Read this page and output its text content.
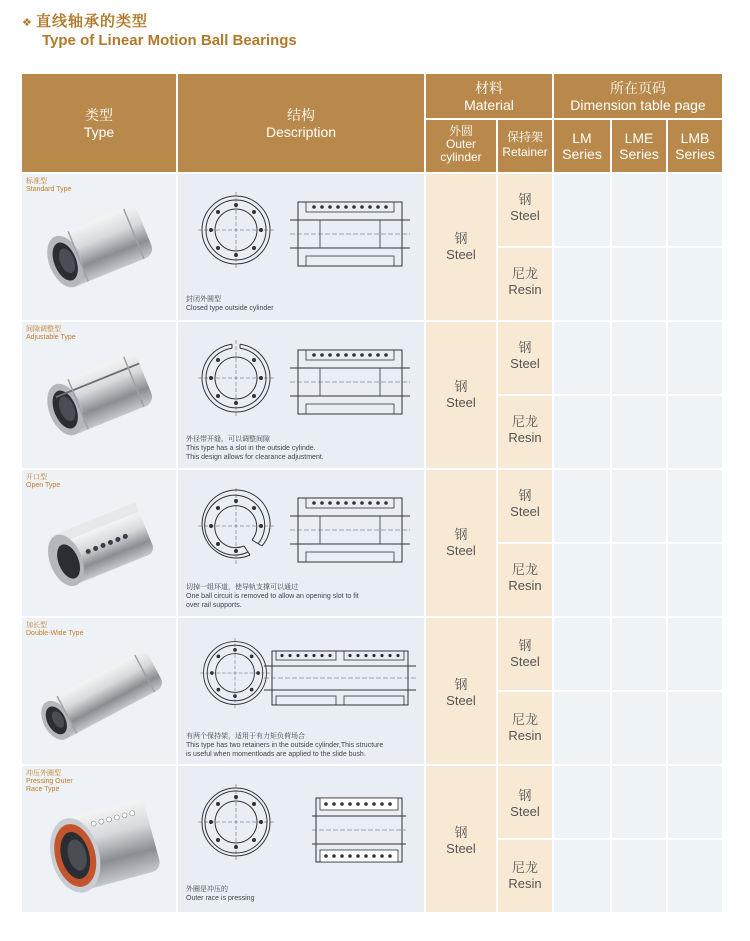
❖ 直线轴承的类型
Type of Linear Motion Ball Bearings
类型
Type
结构
Description
材料
Material
外圆
Outer
cylinder
保持架
Retainer
所在页码
Dimension table page
LM
Series
LME
Series
LMB
Series
标准型
Standard Type
封闭外圆型
Closed type outside cylinder
钢
Steel
钢
Steel
尼龙
Resin
间隙调整型
Adjustable Type
外径带开缝，可以调整间隙
This type has a slot in the outside cylinde.
This design allows for clearance adjustment.
钢
Steel
钢
Steel
尼龙
Resin
开口型
Open Type
切掉一组环道，使导轨支撑可以通过
One ball circuit is removed to allow an opening slot to fit
over rail supports.
钢
Steel
钢
Steel
尼龙
Resin
加长型
Double-Wide Type
有两个保持架，适用于有力矩负荷场合
This type has two retainers in the outside cylinder,This structure
is useful when momentloads are applied to the slide bush.
钢
Steel
钢
Steel
尼龙
Resin
冲压外圈型
Pressing Outer
Race Type
外圈是冲压的
Outer race is pressing
钢
Steel
钢
Steel
尼龙
Resin
